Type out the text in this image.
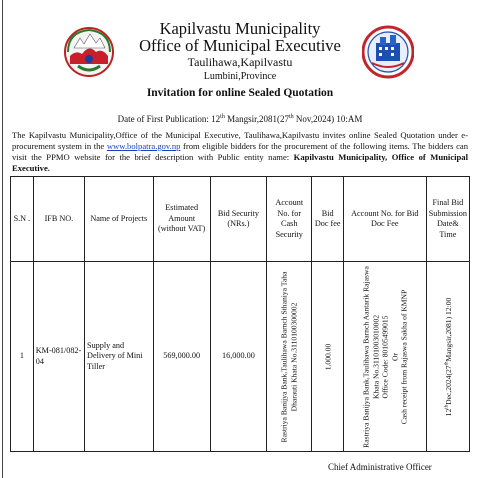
Kapilvastu Municipality
Office of Municipal Executive
Taulihawa,Kapilvastu
Lumbini,Province
Invitation for online Sealed Quotation
Date of First Publication: 12th Mangsir,2081(27th Nov,2024) 10:AM
The Kapilvastu Municipality,Office of the Municipal Executive, Taulihawa,Kapilvastu invites online Sealed Quotation under e-procurement system in the www.bolpatra.gov.np from eligible bidders for the procurement of the following items. The bidders can visit the PPMO website for the brief description with Public entity name: Kapilvastu Municipality, Office of Municipal Executive.
S.N .	IFB NO.	Name of Projects	Estimated Amount (without VAT)	Bid Security (NRs.)	Account No. for Cash Security	Bid Doc fee	Account No. for Bid Doc Fee	Final Bid Submission Date& Time
1	KM-081/082-04	Supply and Delivery of Mini Tiller	569,000.00	16,000.00	Rastriya Banijya Bank,Taulihawa Barnch Sthaniya Taha Dharauti Khata No.3110100300002	1,000.00	Rastriya Banijya Bank,Taulihawa Barnch Aantarik Rajaswa Khata No.31101003010002 Office Code: 80105499015 Or Cash receipt from Rajaswa Sakha of KMNP	12thDec,2024(27thMangsir,2081) 12:00
Chief Administrative Officer
